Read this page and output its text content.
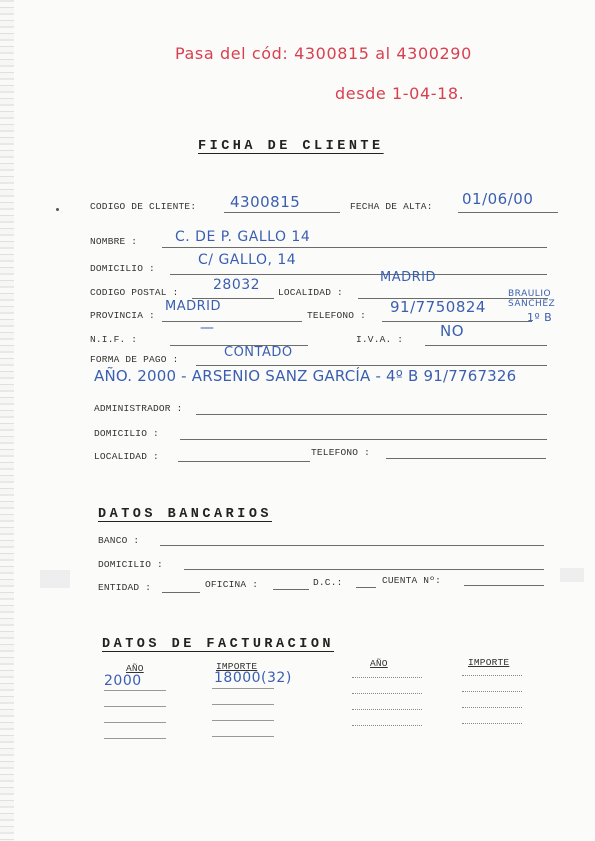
Pasa del cód: 4300815 al 4300290
desde 1-04-18.
FICHA DE CLIENTE
CODIGO DE CLIENTE: 4300815	FECHA DE ALTA: 01/06/00
NOMBRE :	C. DE P. GALLO 14
DOMICILIO :
C/ GALLO, 14
CODIGO POSTAL : 28032 LOCALIDAD :
MADRID
PROVINCIA :
MADRID
TELEFONO : 91/7750824
BRAULIO
SANCHEZ
1º B
N.I.F. :
—
I.V.A. : NO
FORMA DE PAGO :	CONTADO
AÑO. 2000 - ARSENIO SANZ GARCÍA - 4º B 91/7767326
ADMINISTRADOR :
DOMICILIO :
LOCALIDAD :	TELEFONO :
DATOS BANCARIOS
BANCO :
DOMICILIO :
ENTIDAD :	OFICINA :	D.C.:	CUENTA Nº:
DATOS DE FACTURACION
AÑO	IMPORTE	AÑO	IMPORTE
2000	18000(32)
